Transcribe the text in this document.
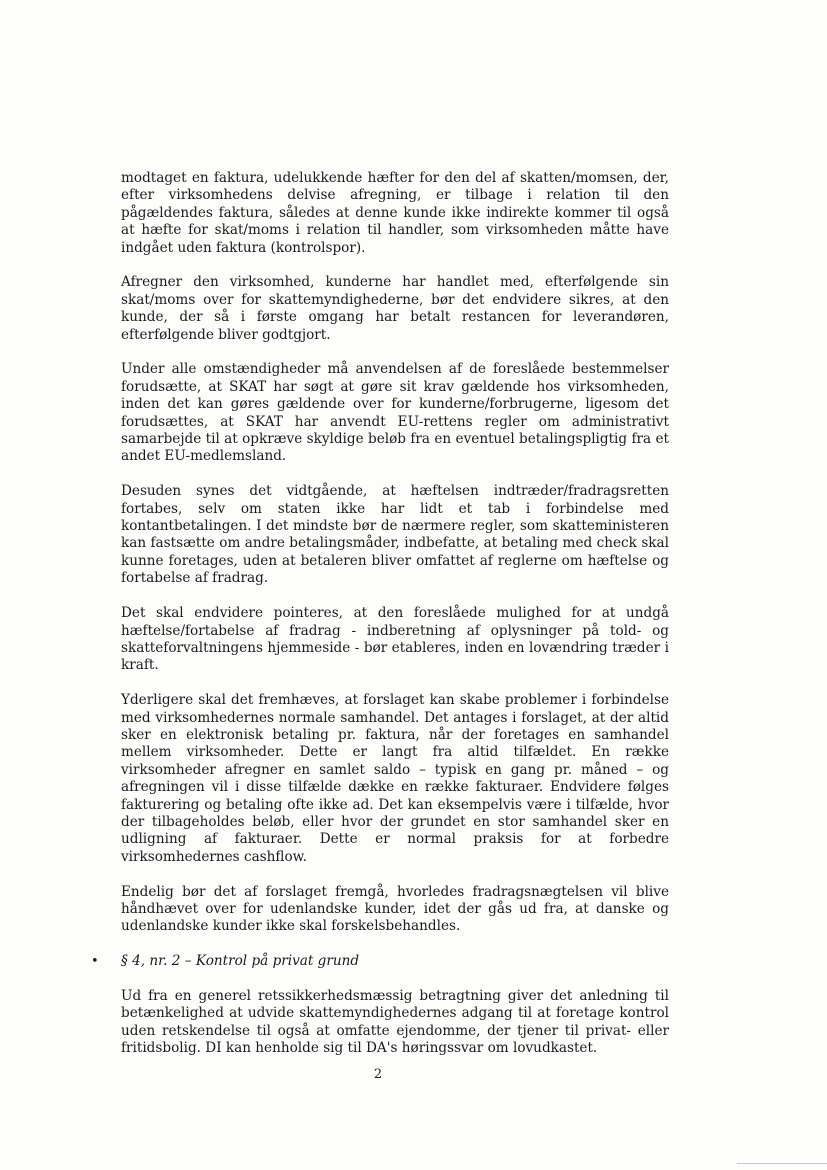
modtaget en faktura, udelukkende hæfter for den del af skatten/momsen, der, efter virksomhedens delvise afregning, er tilbage i relation til den pågældendes faktura, således at denne kunde ikke indirekte kommer til også at hæfte for skat/moms i relation til handler, som virksomheden måtte have indgået uden faktura (kontrolspor).

Afregner den virksomhed, kunderne har handlet med, efterfølgende sin skat/moms over for skattemyndighederne, bør det endvidere sikres, at den kunde, der så i første omgang har betalt restancen for leverandøren, efterfølgende bliver godtgjort.

Under alle omstændigheder må anvendelsen af de foreslåede bestemmelser forudsætte, at SKAT har søgt at gøre sit krav gældende hos virksomheden, inden det kan gøres gældende over for kunderne/forbrugerne, ligesom det forudsættes, at SKAT har anvendt EU-rettens regler om administrativt samarbejde til at opkræve skyldige beløb fra en eventuel betalingspligtig fra et andet EU-medlemsland.

Desuden synes det vidtgående, at hæftelsen indtræder/fradragsretten fortabes, selv om staten ikke har lidt et tab i forbindelse med kontantbetalingen. I det mindste bør de nærmere regler, som skatteministeren kan fastsætte om andre betalingsmåder, indbefatte, at betaling med check skal kunne foretages, uden at betaleren bliver omfattet af reglerne om hæftelse og fortabelse af fradrag.

Det skal endvidere pointeres, at den foreslåede mulighed for at undgå hæftelse/fortabelse af fradrag - indberetning af oplysninger på told- og skatteforvaltningens hjemmeside - bør etableres, inden en lovændring træder i kraft.

Yderligere skal det fremhæves, at forslaget kan skabe problemer i forbindelse med virksomhedernes normale samhandel. Det antages i forslaget, at der altid sker en elektronisk betaling pr. faktura, når der foretages en samhandel mellem virksomheder. Dette er langt fra altid tilfældet. En række virksomheder afregner en samlet saldo – typisk en gang pr. måned – og afregningen vil i disse tilfælde dække en række fakturaer. Endvidere følges fakturering og betaling ofte ikke ad. Det kan eksempelvis være i tilfælde, hvor der tilbageholdes beløb, eller hvor der grundet en stor samhandel sker en udligning af fakturaer. Dette er normal praksis for at forbedre virksomhedernes cashflow.

Endelig bør det af forslaget fremgå, hvorledes fradragsnægtelsen vil blive håndhævet over for udenlandske kunder, idet der gås ud fra, at danske og udenlandske kunder ikke skal forskelsbehandles.

• § 4, nr. 2 – Kontrol på privat grund

Ud fra en generel retssikkerhedsmæssig betragtning giver det anledning til betænkelighed at udvide skattemyndighedernes adgang til at foretage kontrol uden retskendelse til også at omfatte ejendomme, der tjener til privat- eller fritidsbolig. DI kan henholde sig til DA's høringssvar om lovudkastet.

2
